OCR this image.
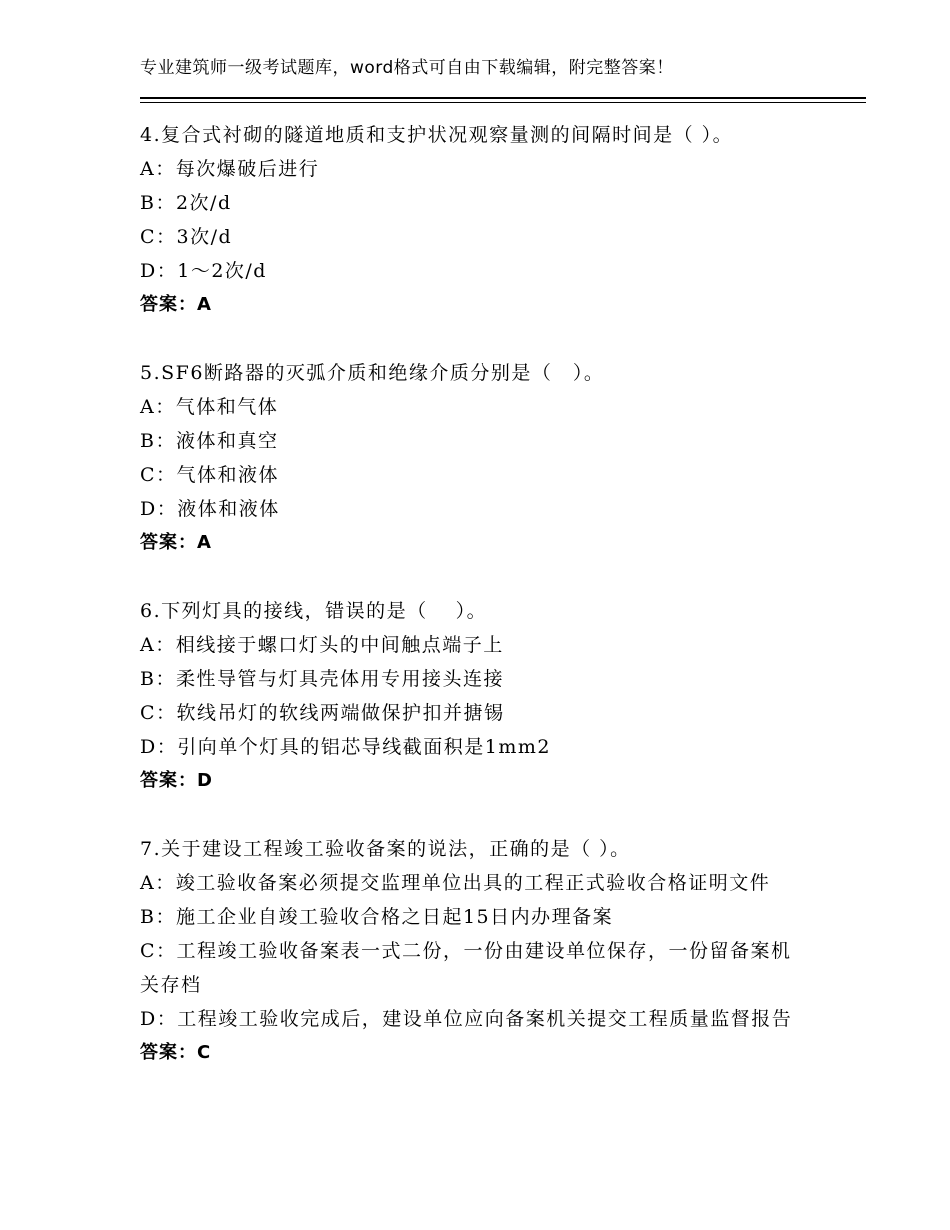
专业建筑师一级考试题库，word格式可自由下载编辑，附完整答案！
4.复合式衬砌的隧道地质和支护状况观察量测的间隔时间是（ ）。
A：每次爆破后进行
B：2次/d
C：3次/d
D：1～2次/d
答案：A
5.SF6断路器的灭弧介质和绝缘介质分别是（　）。
A：气体和气体
B：液体和真空
C：气体和液体
D：液体和液体
答案：A
6.下列灯具的接线，错误的是（　 ）。
A：相线接于螺口灯头的中间触点端子上
B：柔性导管与灯具壳体用专用接头连接
C：软线吊灯的软线两端做保护扣并搪锡
D：引向单个灯具的铝芯导线截面积是1mm2
答案：D
7.关于建设工程竣工验收备案的说法，正确的是（ ）。
A：竣工验收备案必须提交监理单位出具的工程正式验收合格证明文件
B：施工企业自竣工验收合格之日起15日内办理备案
C：工程竣工验收备案表一式二份，一份由建设单位保存，一份留备案机关存档
D：工程竣工验收完成后，建设单位应向备案机关提交工程质量监督报告
答案：C
